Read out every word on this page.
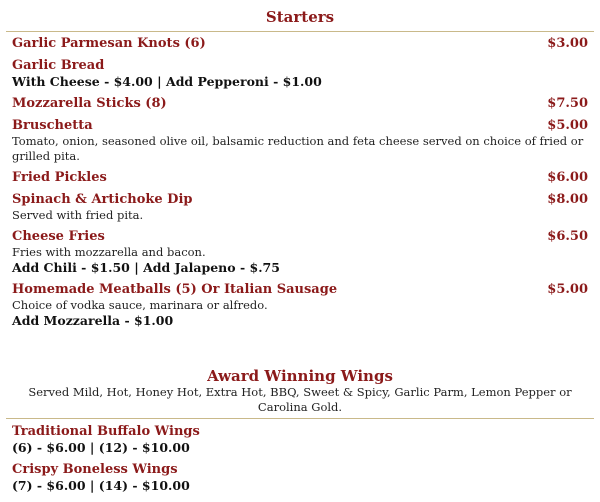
Starters
Garlic Parmesan Knots (6)	$3.00
Garlic Bread
With Cheese - $4.00 | Add Pepperoni - $1.00
Mozzarella Sticks (8)	$7.50
Bruschetta	$5.00
Tomato, onion, seasoned olive oil, balsamic reduction and feta cheese served on choice of fried or grilled pita.
Fried Pickles	$6.00
Spinach & Artichoke Dip	$8.00
Served with fried pita.
Cheese Fries	$6.50
Fries with mozzarella and bacon.
Add Chili - $1.50 | Add Jalapeno - $.75
Homemade Meatballs (5) Or Italian Sausage	$5.00
Choice of vodka sauce, marinara or alfredo.
Add Mozzarella - $1.00
Award Winning Wings
Served Mild, Hot, Honey Hot, Extra Hot, BBQ, Sweet & Spicy, Garlic Parm, Lemon Pepper or Carolina Gold.
Traditional Buffalo Wings
(6) - $6.00 | (12) - $10.00
Crispy Boneless Wings
(7) - $6.00 | (14) - $10.00
